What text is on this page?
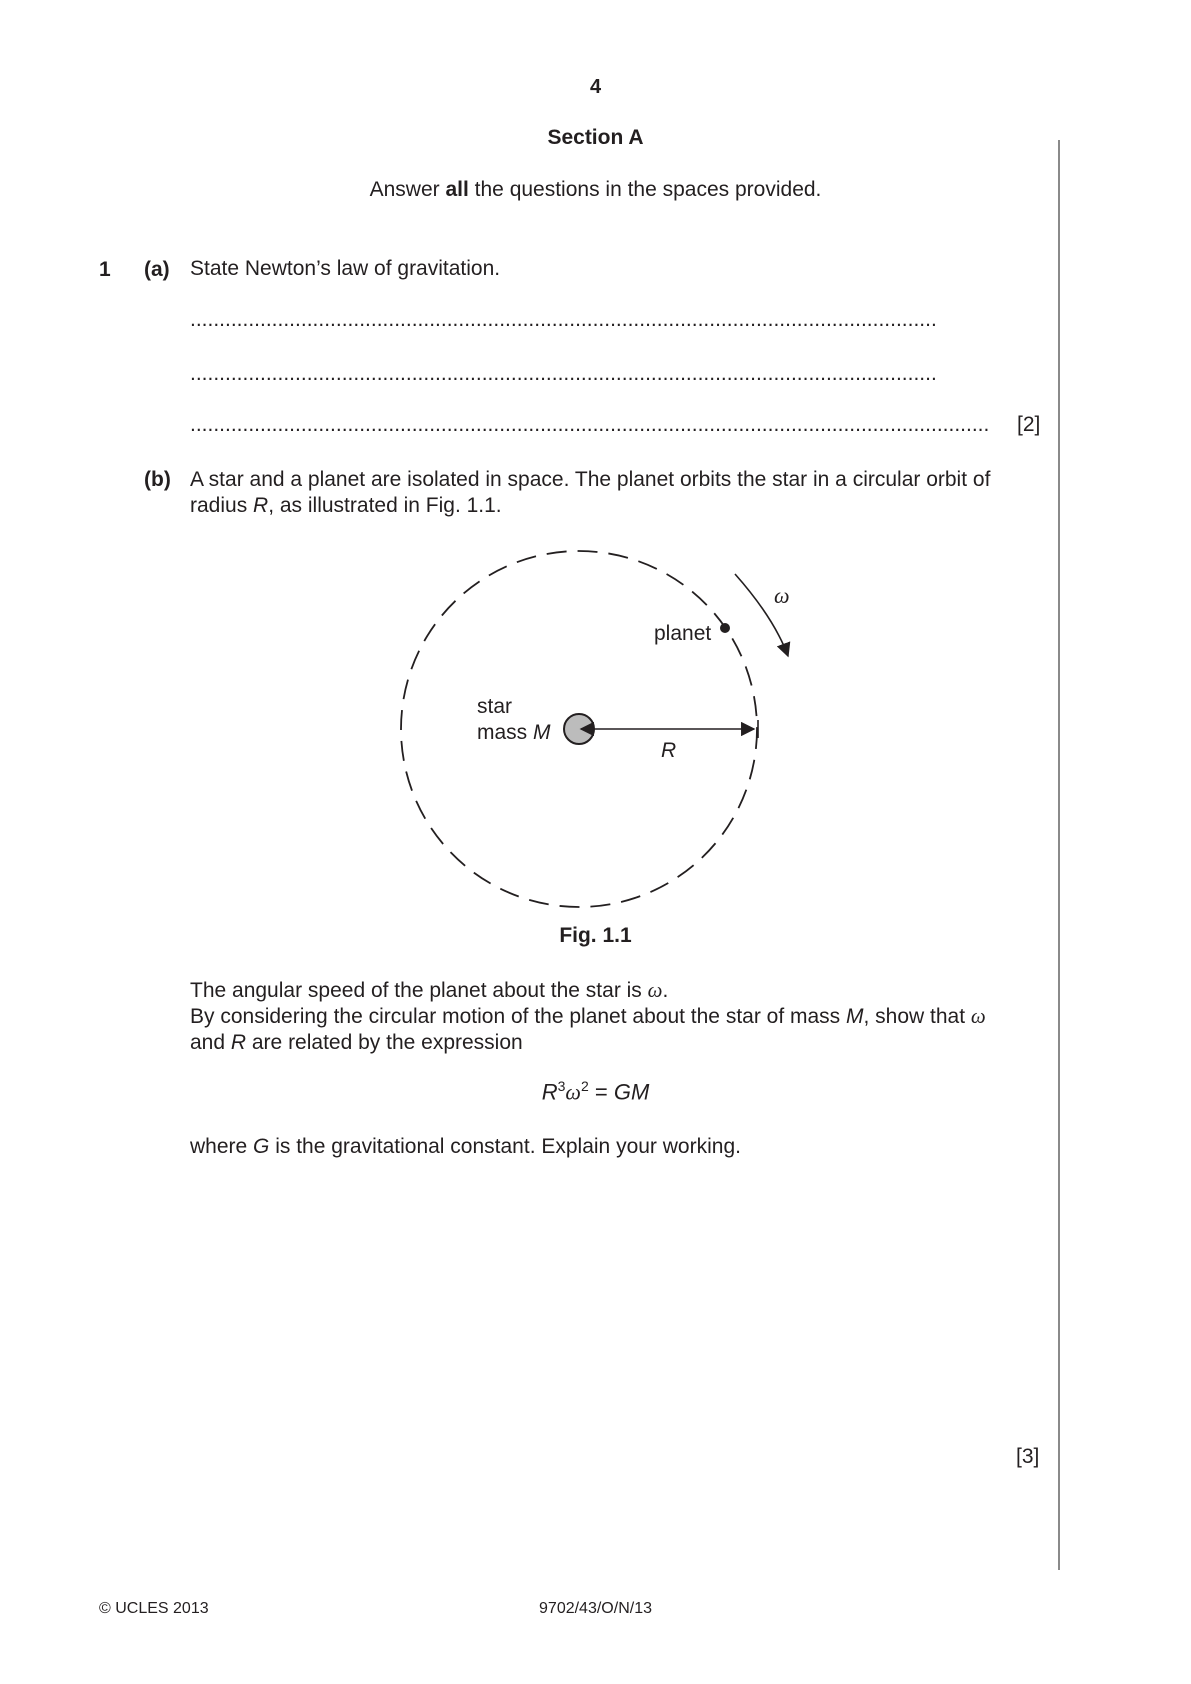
4
Section A
Answer all the questions in the spaces provided.
1 (a) State Newton’s law of gravitation.
................................................................................................................................
................................................................................................................................
.........................................................................................................................................	[2]
(b) A star and a planet are isolated in space. The planet orbits the star in a circular orbit of
radius R, as illustrated in Fig. 1.1.
ω
planet
star
mass M
R
Fig. 1.1
The angular speed of the planet about the star is ω.
By considering the circular motion of the planet about the star of mass M, show that ω
and R are related by the expression
$R^3\omega^2$ = GM
where G is the gravitational constant. Explain your working.
[3]
© UCLES 2013	9702/43/O/N/13
